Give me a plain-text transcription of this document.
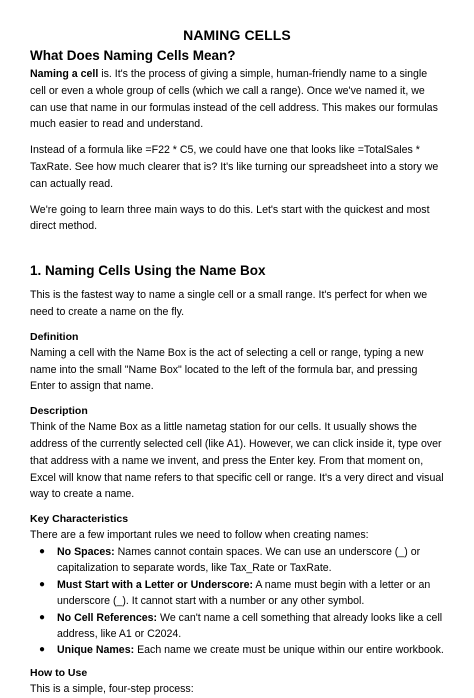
NAMING CELLS
What Does Naming Cells Mean?

Naming a cell is. It's the process of giving a simple, human-friendly name to a single cell or even a whole group of cells (which we call a range). Once we've named it, we can use that name in our formulas instead of the cell address. This makes our formulas much easier to read and understand.

Instead of a formula like =F22 * C5, we could have one that looks like =TotalSales * TaxRate. See how much clearer that is? It's like turning our spreadsheet into a story we can actually read.

We're going to learn three main ways to do this. Let's start with the quickest and most direct method.

1. Naming Cells Using the Name Box

This is the fastest way to name a single cell or a small range. It's perfect for when we need to create a name on the fly.

Definition

Naming a cell with the Name Box is the act of selecting a cell or range, typing a new name into the small "Name Box" located to the left of the formula bar, and pressing Enter to assign that name.

Description

Think of the Name Box as a little nametag station for our cells. It usually shows the address of the currently selected cell (like A1). However, we can click inside it, type over that address with a name we invent, and press the Enter key. From that moment on, Excel will know that name refers to that specific cell or range. It's a very direct and visual way to create a name.

Key Characteristics

There are a few important rules we need to follow when creating names:

● No Spaces: Names cannot contain spaces. We can use an underscore (_) or capitalization to separate words, like Tax_Rate or TaxRate.
● Must Start with a Letter or Underscore: A name must begin with a letter or an underscore (_). It cannot start with a number or any other symbol.
● No Cell References: We can't name a cell something that already looks like a cell address, like A1 or C2024.
● Unique Names: Each name we create must be unique within our entire workbook.
How to Use

This is a simple, four-step process:
